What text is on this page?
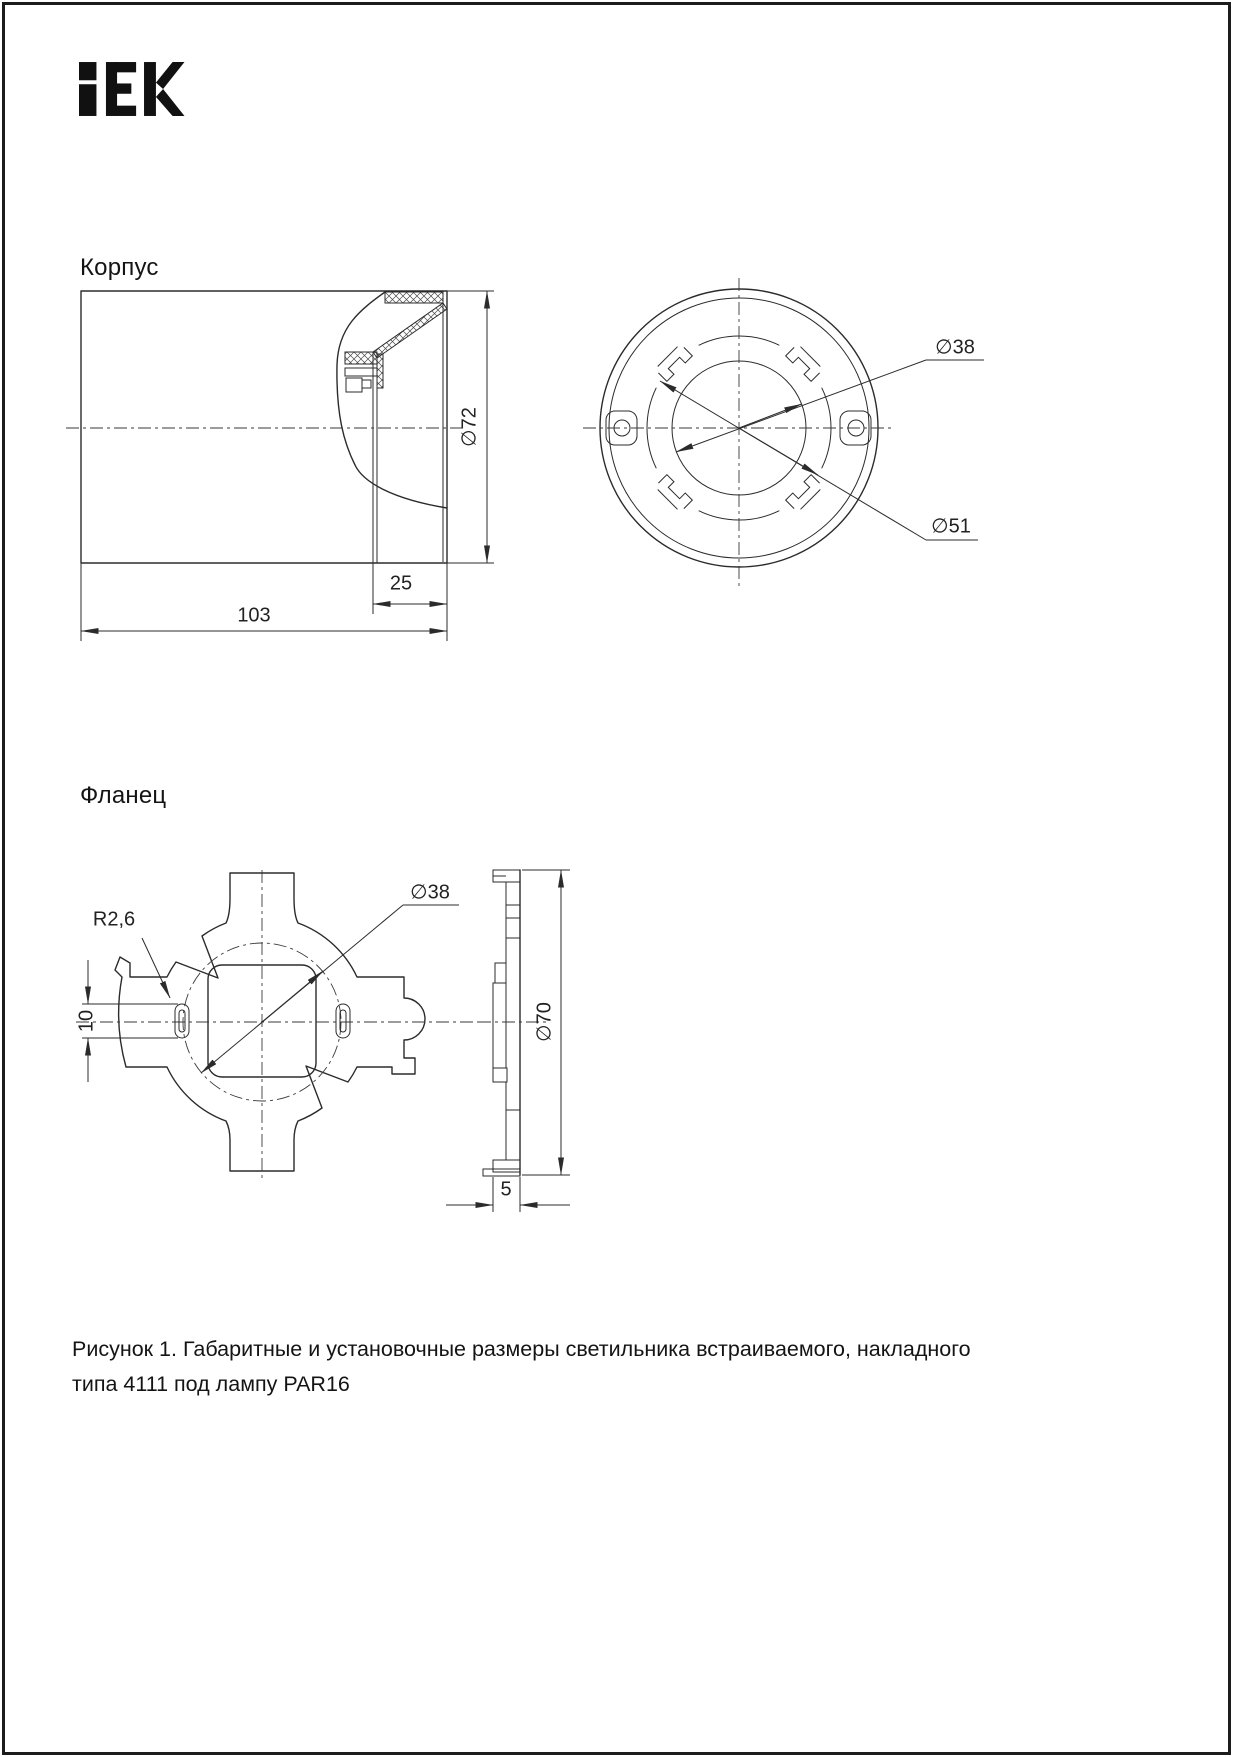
Корпус
∅72
25
103
∅38
∅51
Фланец
R2,6
10
∅38
∅70
5
Рисунок 1. Габаритные и установочные размеры светильника встраиваемого, накладного
типа 4111 под лампу PAR16
